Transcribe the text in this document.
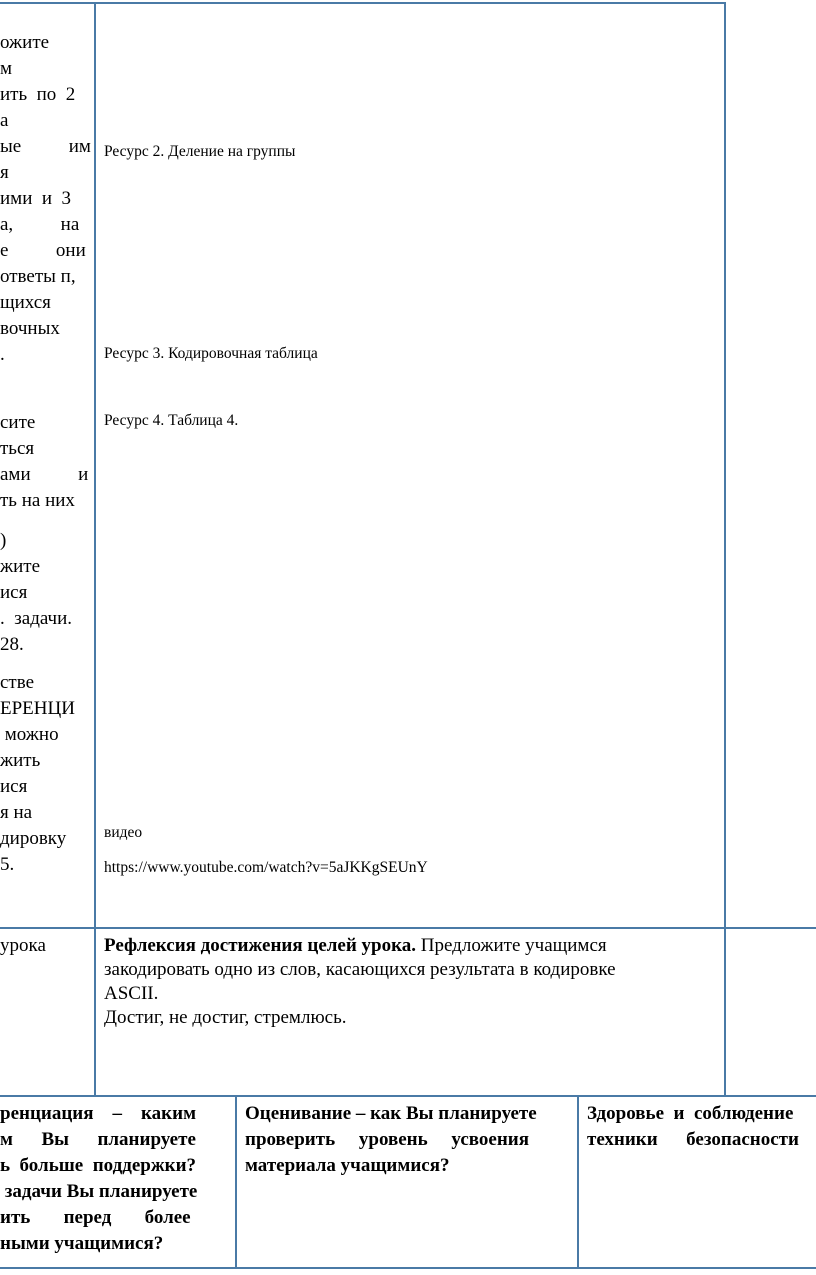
ожите
м
ить  по  2
а
ые          им
я
ими  и  3
а,          на
е          они
ответы п,
щихся
вочных
.
сите
ться
ами          и
ть на них
)
жите
ися
.  задачи.
28.
стве
ЕРЕНЦИ
можно
жить
ися
я на
дировку
5.
Ресурс 2. Деление на группы
Ресурс 3. Кодировочная таблица
Ресурс 4. Таблица 4.
видео
https://www.youtube.com/watch?v=5aJKKgSEUnY
урока	Рефлексия достижения целей урока. Предложите учащимся
закодировать одно из слов, касающихся результата в кодировке
ASCII.
Достиг, не достиг, стремлюсь.
ренциация    –    каким
м      Вы      планируете
ь  больше  поддержки?
задачи Вы планируете
ить       перед       более
ными учащимися?
Оценивание – как Вы планируете
проверить     уровень     усвоения
материала учащимися?
Здоровье  и  соблюдение
техники      безопасности
